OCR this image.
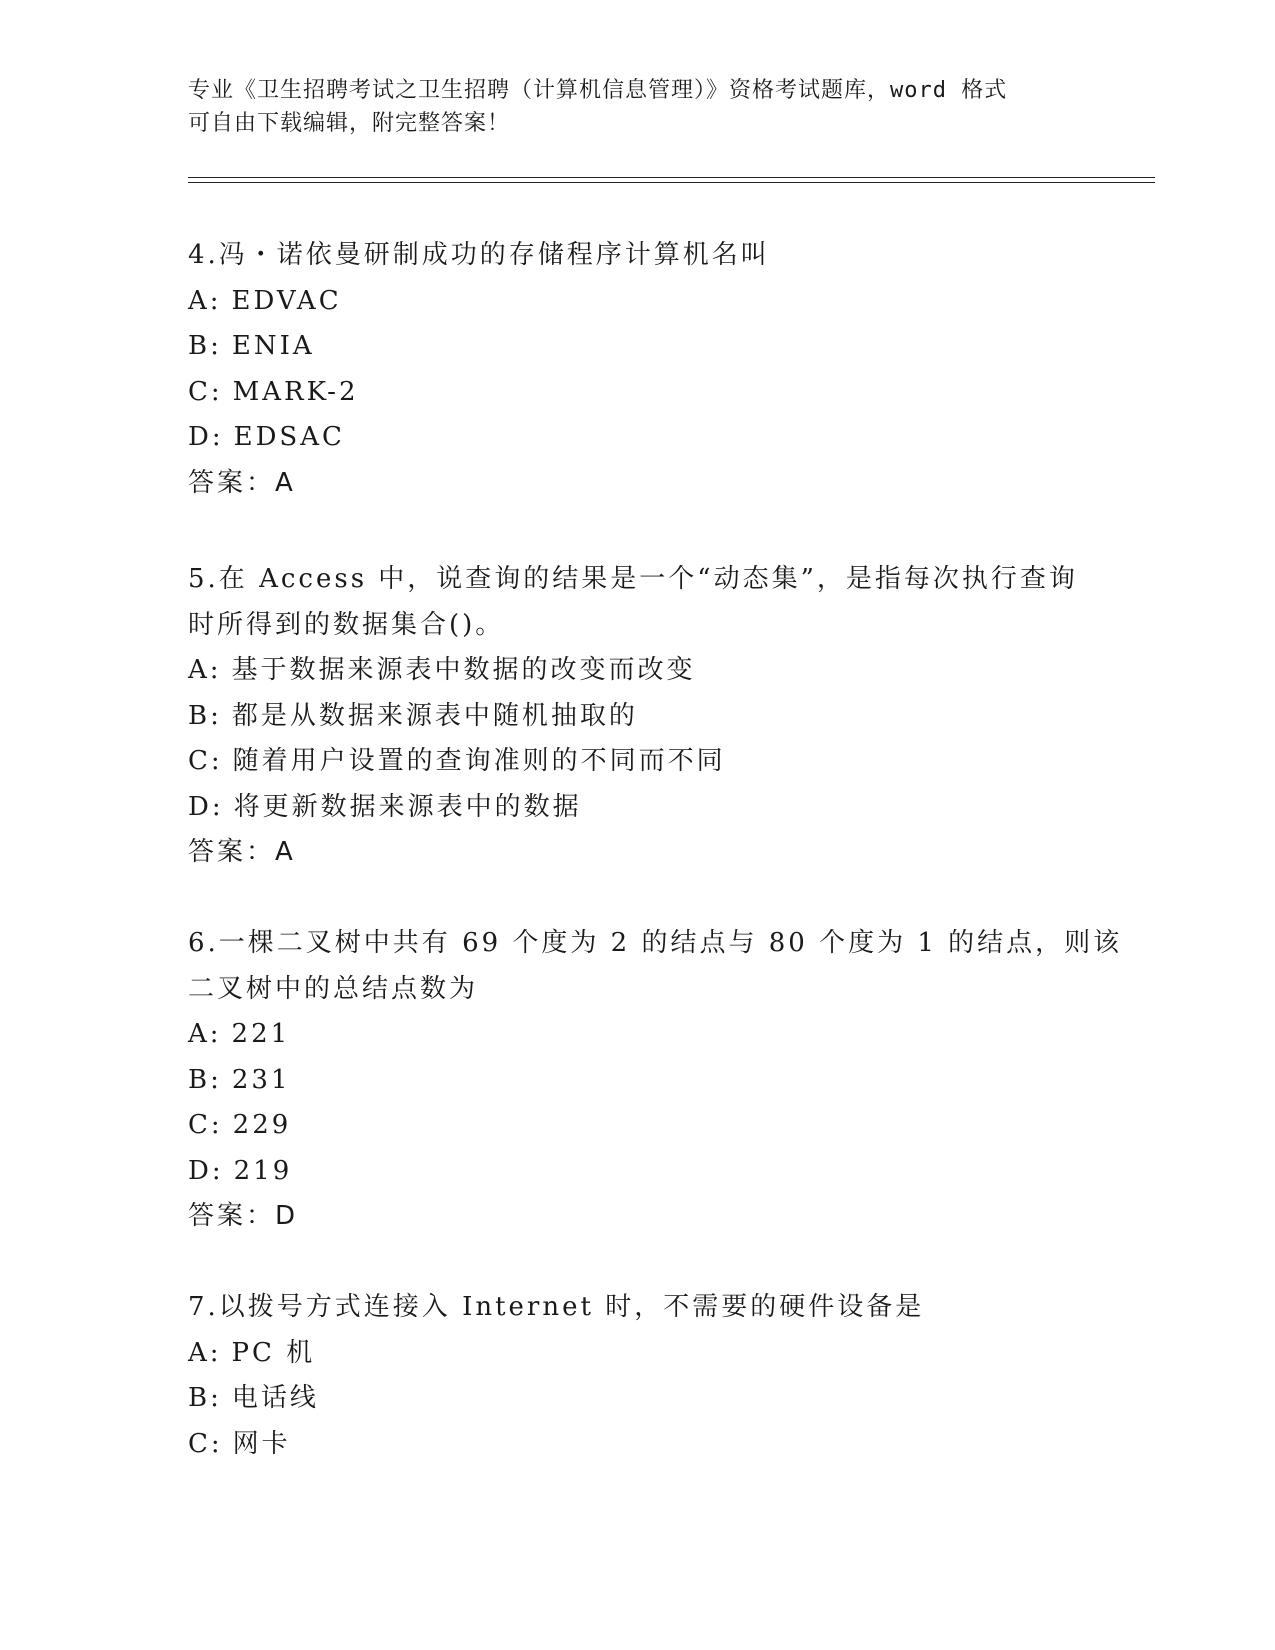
专业《卫生招聘考试之卫生招聘（计算机信息管理）》资格考试题库，word 格式
可自由下载编辑，附完整答案！
4.冯・诺依曼研制成功的存储程序计算机名叫
A: EDVAC
B: ENIA
C: MARK-2
D: EDSAC
答案：A
5.在 Access 中，说查询的结果是一个“动态集”，是指每次执行查询
时所得到的数据集合()。
A: 基于数据来源表中数据的改变而改变
B: 都是从数据来源表中随机抽取的
C: 随着用户设置的查询准则的不同而不同
D: 将更新数据来源表中的数据
答案：A
6.一棵二叉树中共有 69 个度为 2 的结点与 80 个度为 1 的结点，则该
二叉树中的总结点数为
A: 221
B: 231
C: 229
D: 219
答案：D
7.以拨号方式连接入 Internet 时，不需要的硬件设备是
A: PC 机
B: 电话线
C: 网卡
